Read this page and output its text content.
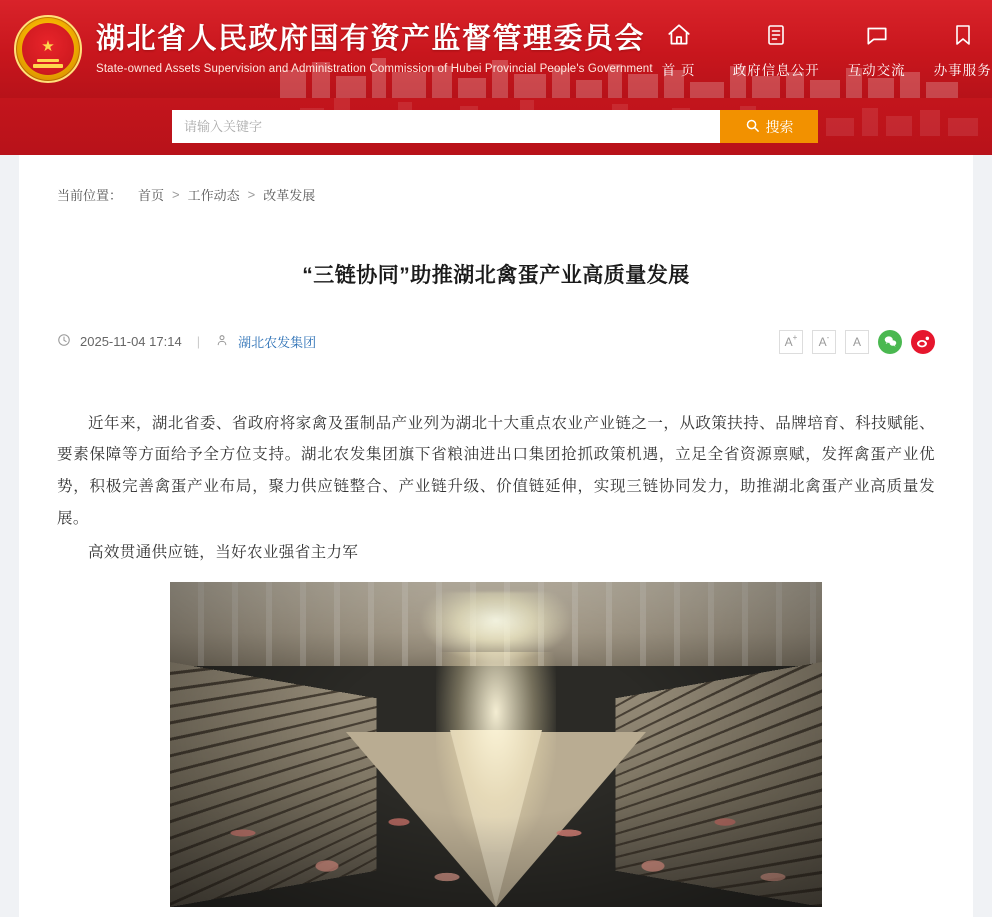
★ 湖北省人民政府国有资产监督管理委员会
State-owned Assets Supervision and Administration Commission of Hubei Provincial People's Government 首 页	政府信息公开 互动交流 办事服务
请输入关键字
搜索
当前位置： 首页 > 工作动态 > 改革发展
“三链协同”助推湖北禽蛋产业高质量发展
2025-11-04 17:14 |	湖北农发集团	A+ A- A

近年来，湖北省委、省政府将家禽及蛋制品产业列为湖北十大重点农业产业链之一，从政策扶持、品牌培育、科技赋能、要素保障等方面给予全方位支持。湖北农发集团旗下省粮油进出口集团抢抓政策机遇，立足全省资源禀赋，发挥禽蛋产业优势，积极完善禽蛋产业布局，聚力供应链整合、产业链升级、价值链延伸，实现三链协同发力，助推湖北禽蛋产业高质量发展。

高效贯通供应链，当好农业强省主力军
